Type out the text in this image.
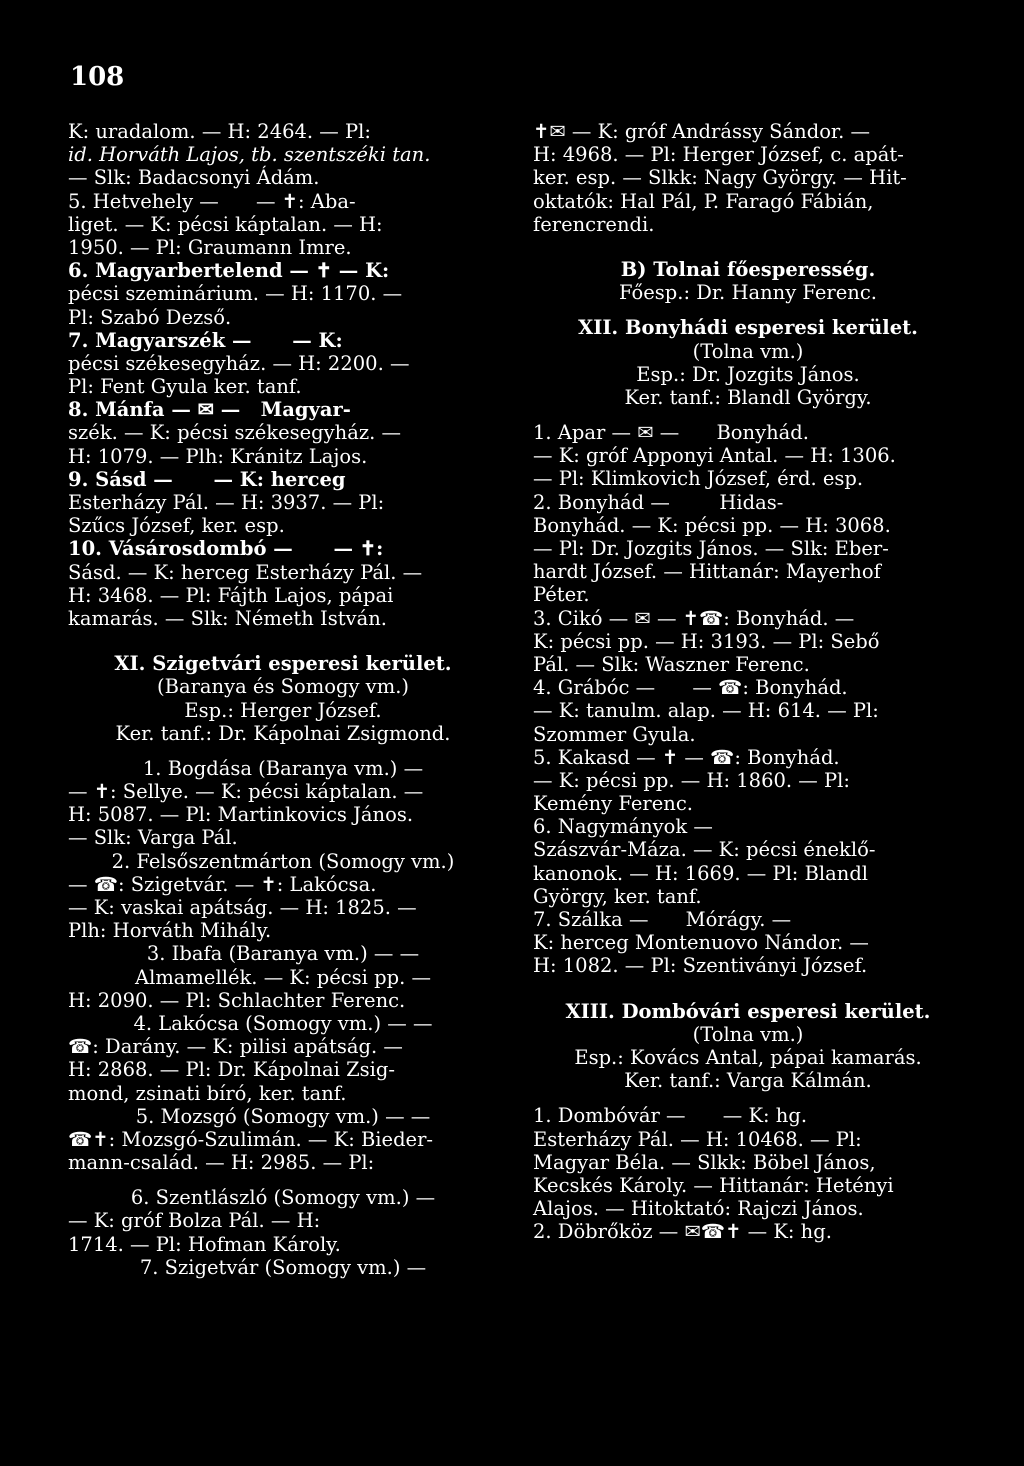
108
K: uradalom. — H: 2464. — Pl:
id. Horváth Lajos, tb. szentszéki tan.
— Slk: Badacsonyi Ádám.
5. Hetvehely —      — ✝: Aba-
liget. — K: pécsi káptalan. — H:
1950. — Pl: Graumann Imre.
6. Magyarbertelend — ✝ — K:
pécsi szeminárium. — H: 1170. —
Pl: Szabó Dezső.
7. Magyarszék —      — K:
pécsi székesegyház. — H: 2200. —
Pl: Fent Gyula ker. tanf.
8. Mánfa — ✉ —   Magyar-
szék. — K: pécsi székesegyház. —
H: 1079. — Plh: Kránitz Lajos.
9. Sásd —      — K: herceg
Esterházy Pál. — H: 3937. — Pl:
Szűcs József, ker. esp.
10. Vásárosdombó —      — ✝:
Sásd. — K: herceg Esterházy Pál. —
H: 3468. — Pl: Fájth Lajos, pápai
kamarás. — Slk: Németh István.
XI. Szigetvári esperesi kerület.
(Baranya és Somogy vm.)
Esp.: Herger József.
Ker. tanf.: Dr. Kápolnai Zsigmond.
1. Bogdása (Baranya vm.) —
— ✝: Sellye. — K: pécsi káptalan. —
H: 5087. — Pl: Martinkovics János.
— Slk: Varga Pál.
2. Felsőszentmárton (Somogy vm.)
— ☎: Szigetvár. — ✝: Lakócsa.
— K: vaskai apátság. — H: 1825. —
Plh: Horváth Mihály.
3. Ibafa (Baranya vm.) — —
Almamellék. — K: pécsi pp. —
H: 2090. — Pl: Schlachter Ferenc.
4. Lakócsa (Somogy vm.) — —
☎: Darány. — K: pilisi apátság. —
H: 2868. — Pl: Dr. Kápolnai Zsig-
mond, zsinati bíró, ker. tanf.
5. Mozsgó (Somogy vm.) — —
☎✝: Mozsgó-Szulimán. — K: Bieder-
mann-család. — H: 2985. — Pl:
6. Szentlászló (Somogy vm.) —
— K: gróf Bolza Pál. — H:
1714. — Pl: Hofman Károly.
7. Szigetvár (Somogy vm.) —
✝✉ — K: gróf Andrássy Sándor. —
H: 4968. — Pl: Herger József, c. apát-
ker. esp. — Slkk: Nagy György. — Hit-
oktatók: Hal Pál, P. Faragó Fábián,
ferencrendi.
B) Tolnai főesperesség.
Főesp.: Dr. Hanny Ferenc.
XII. Bonyhádi esperesi kerület.
(Tolna vm.)
Esp.: Dr. Jozgits János.
Ker. tanf.: Blandl György.
1. Apar — ✉ —      Bonyhád.
— K: gróf Apponyi Antal. — H: 1306.
— Pl: Klimkovich József, érd. esp.
2. Bonyhád —        Hidas-
Bonyhád. — K: pécsi pp. — H: 3068.
— Pl: Dr. Jozgits János. — Slk: Eber-
hardt József. — Hittanár: Mayerhof
Péter.
3. Cikó — ✉ — ✝☎: Bonyhád. —
K: pécsi pp. — H: 3193. — Pl: Sebő
Pál. — Slk: Waszner Ferenc.
4. Grábóc —      — ☎: Bonyhád.
— K: tanulm. alap. — H: 614. — Pl:
Szommer Gyula.
5. Kakasd — ✝ — ☎: Bonyhád.
— K: pécsi pp. — H: 1860. — Pl:
Kemény Ferenc.
6. Nagymányok —
Szászvár-Máza. — K: pécsi éneklő-
kanonok. — H: 1669. — Pl: Blandl
György, ker. tanf.
7. Szálka —      Mórágy. —
K: herceg Montenuovo Nándor. —
H: 1082. — Pl: Szentiványi József.
XIII. Dombóvári esperesi kerület.
(Tolna vm.)
Esp.: Kovács Antal, pápai kamarás.
Ker. tanf.: Varga Kálmán.
1. Dombóvár —      — K: hg.
Esterházy Pál. — H: 10468. — Pl:
Magyar Béla. — Slkk: Böbel János,
Kecskés Károly. — Hittanár: Hetényi
Alajos. — Hitoktató: Rajczi János.
2. Döbrőköz — ✉☎✝ — K: hg.
